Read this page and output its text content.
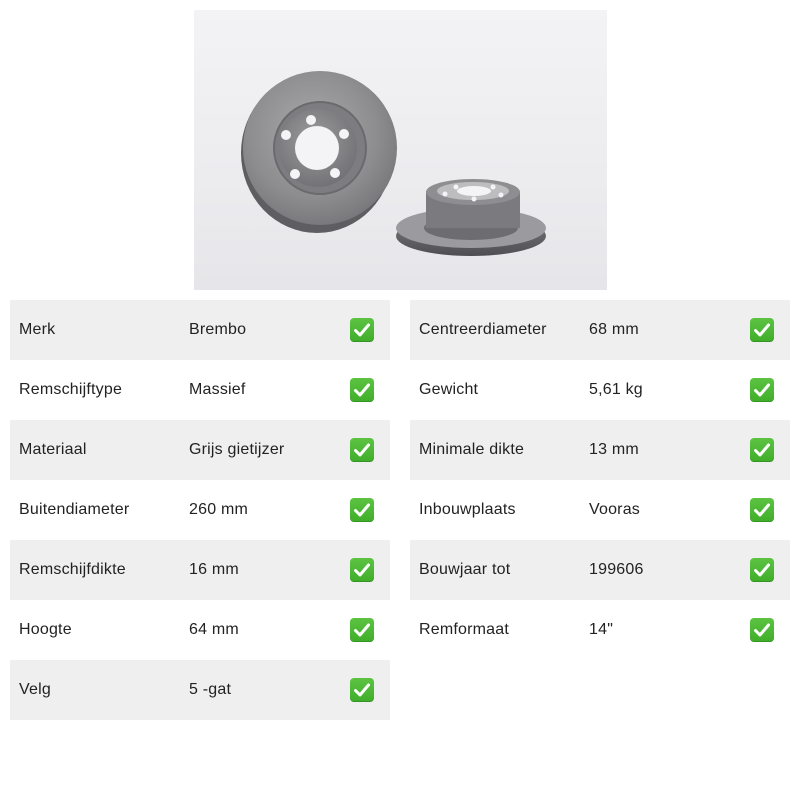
Merk	Brembo
Remschijftype	Massief
Materiaal	Grijs gietijzer
Buitendiameter	260 mm
Remschijfdikte	16 mm
Hoogte	64 mm
Velg	5 -gat
Centreerdiameter	68 mm
Gewicht	5,61 kg
Minimale dikte	13 mm
Inbouwplaats	Vooras
Bouwjaar tot	199606
Remformaat	14"
